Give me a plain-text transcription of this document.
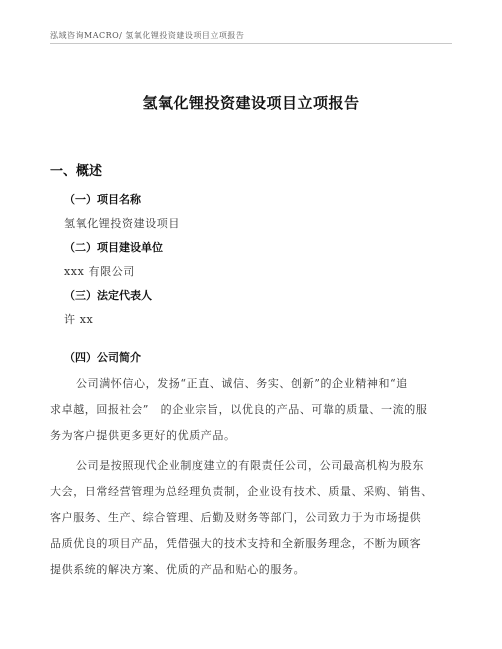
泓域咨询MACRO/ 氢氧化锂投资建设项目立项报告
氢氧化锂投资建设项目立项报告
一、概述
（一）项目名称
氢氧化锂投资建设项目
（二）项目建设单位
xxx 有限公司
（三）法定代表人
许 xx
（四）公司简介
公司满怀信心，发扬“正直、诚信、务实、创新”的企业精神和“追
求卓越，回报社会”　的企业宗旨，以优良的产品、可靠的质量、一流的服
务为客户提供更多更好的优质产品。
公司是按照现代企业制度建立的有限责任公司，公司最高机构为股东
大会，日常经营管理为总经理负责制，企业设有技术、质量、采购、销售、
客户服务、生产、综合管理、后勤及财务等部门，公司致力于为市场提供
品质优良的项目产品，凭借强大的技术支持和全新服务理念，不断为顾客
提供系统的解决方案、优质的产品和贴心的服务。
